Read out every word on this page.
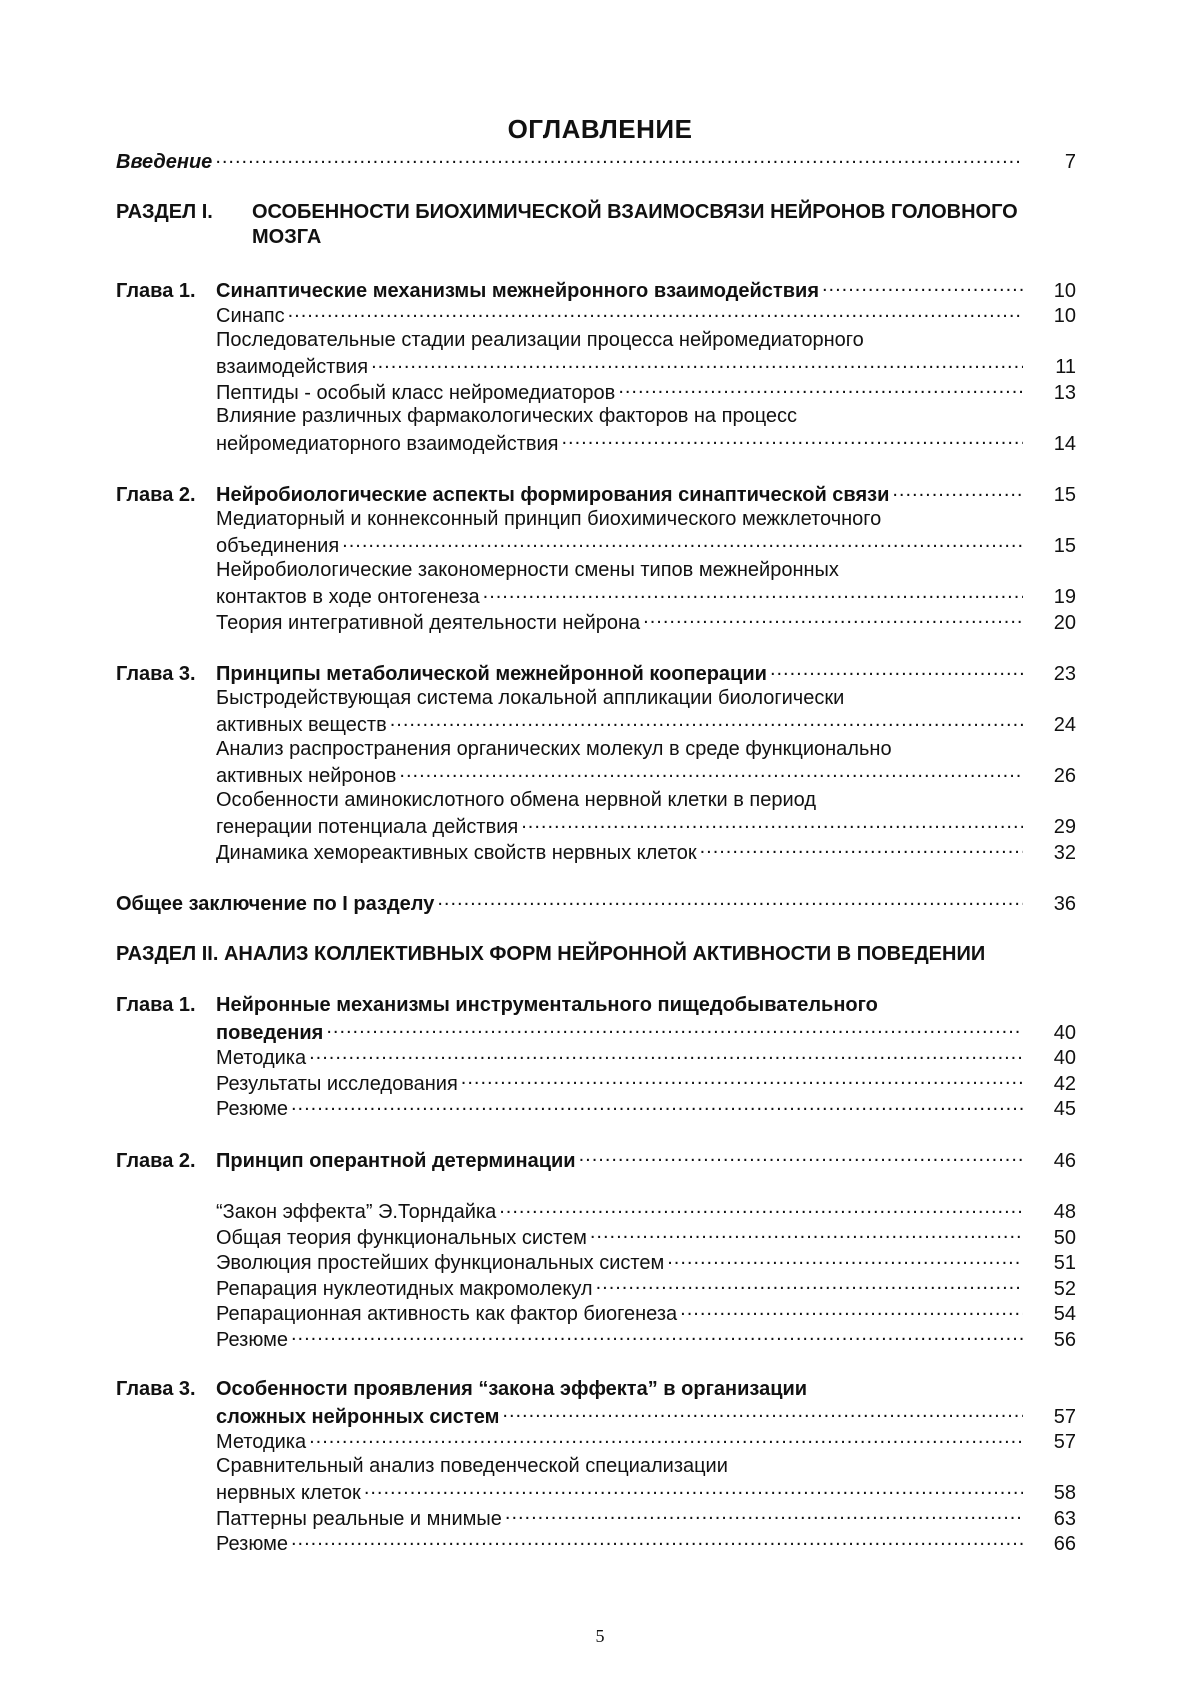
ОГЛАВЛЕНИЕ
Введение .....	7
РАЗДЕЛ I.	ОСОБЕННОСТИ БИОХИМИЧЕСКОЙ ВЗАИМОСВЯЗИ НЕЙРОНОВ ГОЛОВНОГО МОЗГА
Глава 1.	Синаптические механизмы межнейронного взаимодействия .....	10
Синапс .....	10
Последовательные стадии реализации процесса нейромедиаторного
взаимодействия .....	11
Пептиды - особый класс нейромедиаторов .....	13
Влияние различных фармакологических факторов на процесс
нейромедиаторного взаимодействия .....	14
Глава 2.	Нейробиологические аспекты формирования синаптической связи .....	15
Медиаторный и коннексонный принцип биохимического межклеточного
объединения .....	15
Нейробиологические закономерности смены типов межнейронных
контактов в ходе онтогенеза .....	19
Теория интегративной деятельности нейрона .....	20
Глава 3.	Принципы метаболической межнейронной кооперации .....	23
Быстродействующая система локальной аппликации биологически
активных веществ .....	24
Анализ распространения органических молекул в среде функционально
активных нейронов .....	26
Особенности аминокислотного обмена нервной клетки в период
генерации потенциала действия .....	29
Динамика хемореактивных свойств нервных клеток .....	32
Общее заключение по I разделу .....	36
РАЗДЕЛ II. АНАЛИЗ КОЛЛЕКТИВНЫХ ФОРМ НЕЙРОННОЙ АКТИВНОСТИ В ПОВЕДЕНИИ
Глава 1.	Нейронные механизмы инструментального пищедобывательного
поведения .....	40
Методика .....	40
Результаты исследования .....	42
Резюме .....	45
Глава 2.	Принцип оперантной детерминации .....	46
“Закон эффекта” Э.Торндайка .....	48
Общая теория функциональных систем .....	50
Эволюция простейших функциональных систем .....	51
Репарация нуклеотидных макромолекул .....	52
Репарационная активность как фактор биогенеза .....	54
Резюме .....	56
Глава 3.	Особенности проявления “закона эффекта” в организации
сложных нейронных систем .....	57
Методика .....	57
Сравнительный анализ поведенческой специализации
нервных клеток .....	58
Паттерны реальные и мнимые .....	63
Резюме .....	66
5
